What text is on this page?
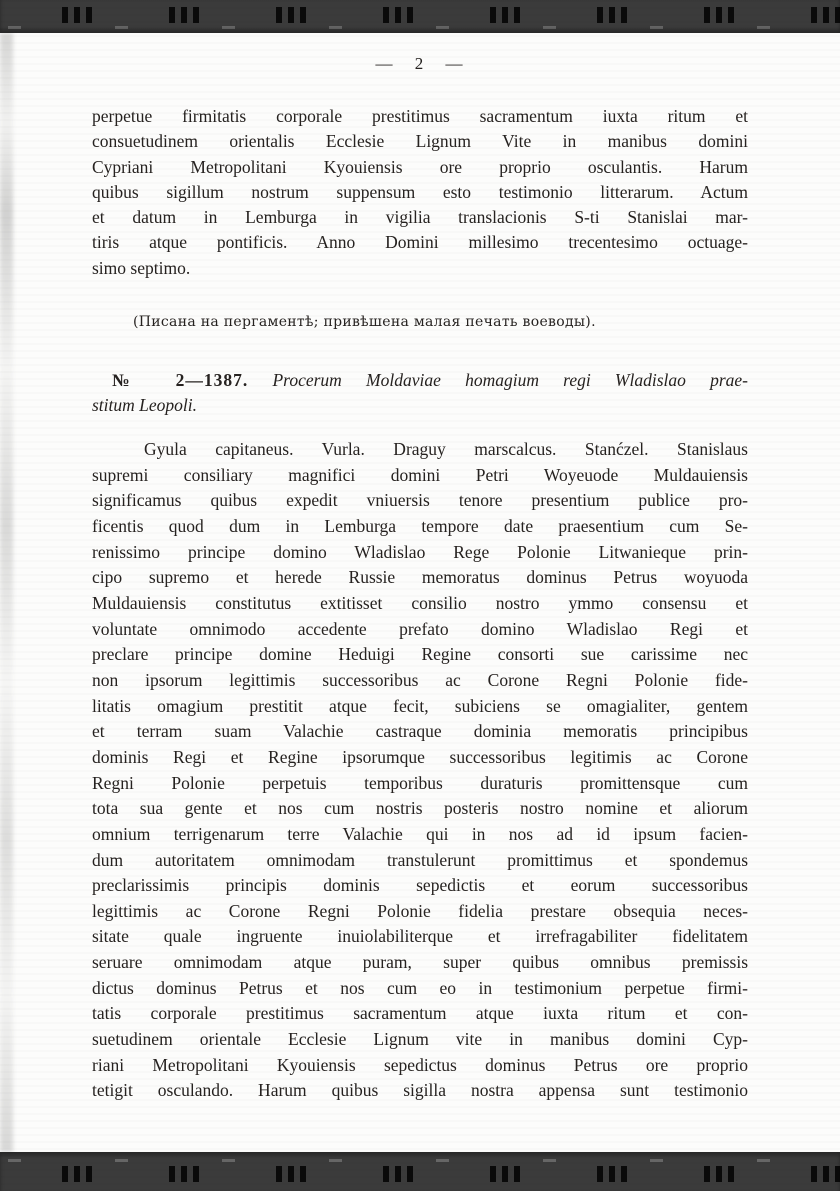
— 2 —
perpetue firmitatis corporale prestitimus sacramentum iuxta ritum et
consuetudinem orientalis Ecclesie Lignum Vite in manibus domini
Cypriani Metropolitani Kyouiensis ore proprio osculantis. Harum
quibus sigillum nostrum suppensum esto testimonio litterarum. Actum
et datum in Lemburga in vigilia translacionis S-ti Stanislai mar-
tiris atque pontificis. Anno Domini millesimo trecentesimo octuage-
simo septimo.
(Писана на пергаментѣ; привѣшена малая печать воеводы).
№ 2—1387. Procerum Moldaviae homagium regi Wladislao prae-
stitum Leopoli.
Gyula capitaneus. Vurla. Draguy marscalcus. Stanćzel. Stanislaus
supremi consiliary magnifici domini Petri Woyeuode Muldauiensis
significamus quibus expedit vniuersis tenore presentium publice pro-
ficentis quod dum in Lemburga tempore date praesentium cum Se-
renissimo principe domino Wladislao Rege Polonie Litwanieque prin-
cipo supremo et herede Russie memoratus dominus Petrus woyuoda
Muldauiensis constitutus extitisset consilio nostro ymmo consensu et
voluntate omnimodo accedente prefato domino Wladislao Regi et
preclare principe domine Heduigi Regine consorti sue carissime nec
non ipsorum legittimis successoribus ac Corone Regni Polonie fide-
litatis omagium prestitit atque fecit, subiciens se omagialiter, gentem
et terram suam Valachie castraque dominia memoratis principibus
dominis Regi et Regine ipsorumque successoribus legitimis ac Corone
Regni Polonie perpetuis temporibus duraturis promittensque cum
tota sua gente et nos cum nostris posteris nostro nomine et aliorum
omnium terrigenarum terre Valachie qui in nos ad id ipsum facien-
dum autoritatem omnimodam transtulerunt promittimus et spondemus
preclarissimis principis dominis sepedictis et eorum successoribus
legittimis ac Corone Regni Polonie fidelia prestare obsequia neces-
sitate quale ingruente inuiolabiliterque et irrefragabiliter fidelitatem
seruare omnimodam atque puram, super quibus omnibus premissis
dictus dominus Petrus et nos cum eo in testimonium perpetue firmi-
tatis corporale prestitimus sacramentum atque iuxta ritum et con-
suetudinem orientale Ecclesie Lignum vite in manibus domini Cyp-
riani Metropolitani Kyouiensis sepedictus dominus Petrus ore proprio
tetigit osculando. Harum quibus sigilla nostra appensa sunt testimonio
